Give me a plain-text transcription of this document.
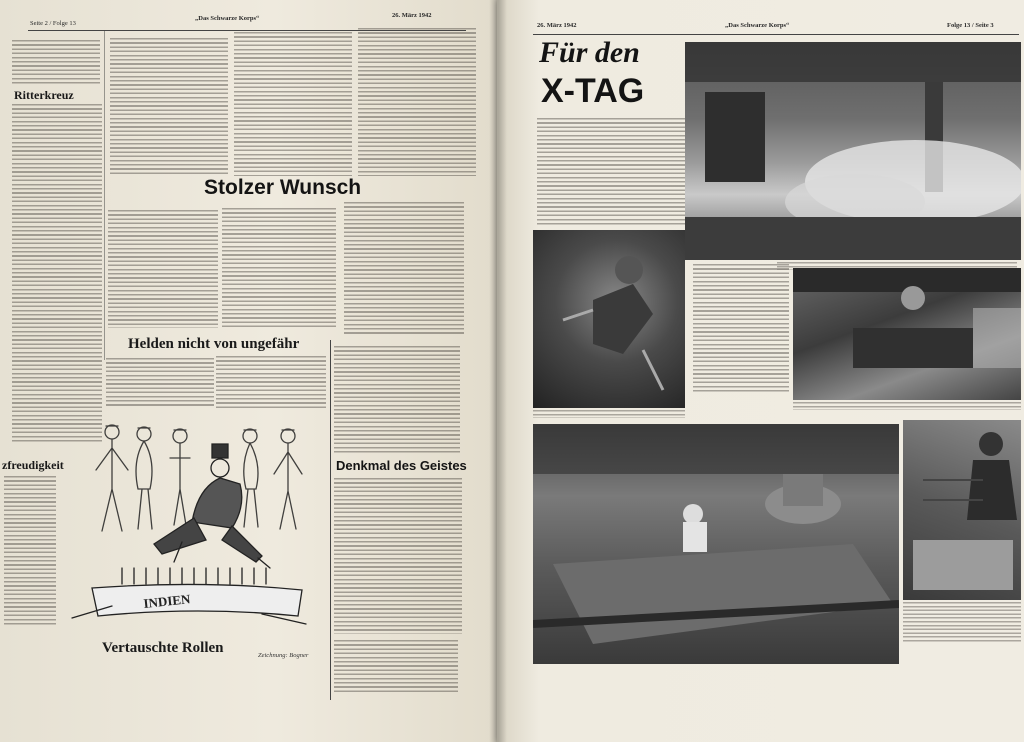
Seite 2 / Folge 13
„Das Schwarze Korps“	26. März 1942
Ritterkreuz
zfreudigkeit
Stolzer Wunsch
Helden nicht von ungefähr
Denkmal des Geistes
INDIEN
Vertauschte Rollen	Zeichnung: Bogner
26. März 1942	„Das Schwarze Korps“	Folge 13 / Seite 3
Für den
X-TAG
